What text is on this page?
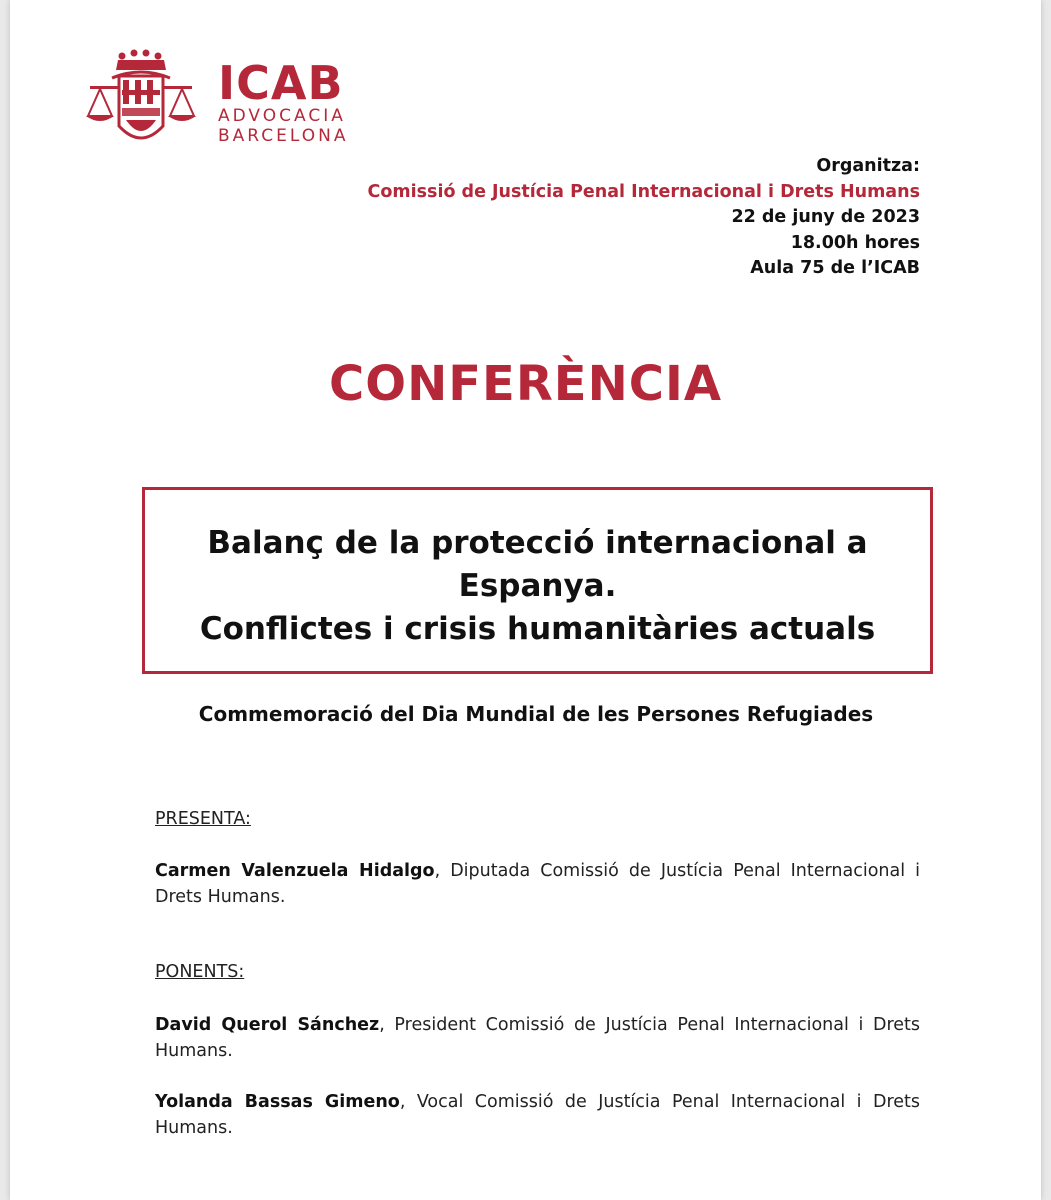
ICAB
ADVOCACIA
BARCELONA
Organitza:
Comissió de Justícia Penal Internacional i Drets Humans
22 de juny de 2023
18.00h hores
Aula 75 de l’ICAB
CONFERÈNCIA
Balanç de la protecció internacional a
Espanya.
Conflictes i crisis humanitàries actuals
Commemoració del Dia Mundial de les Persones Refugiades
PRESENTA:
Carmen Valenzuela Hidalgo, Diputada Comissió de Justícia Penal Internacional i Drets Humans.
PONENTS:
David Querol Sánchez, President Comissió de Justícia Penal Internacional i Drets Humans.
Yolanda Bassas Gimeno, Vocal Comissió de Justícia Penal Internacional i Drets Humans.
